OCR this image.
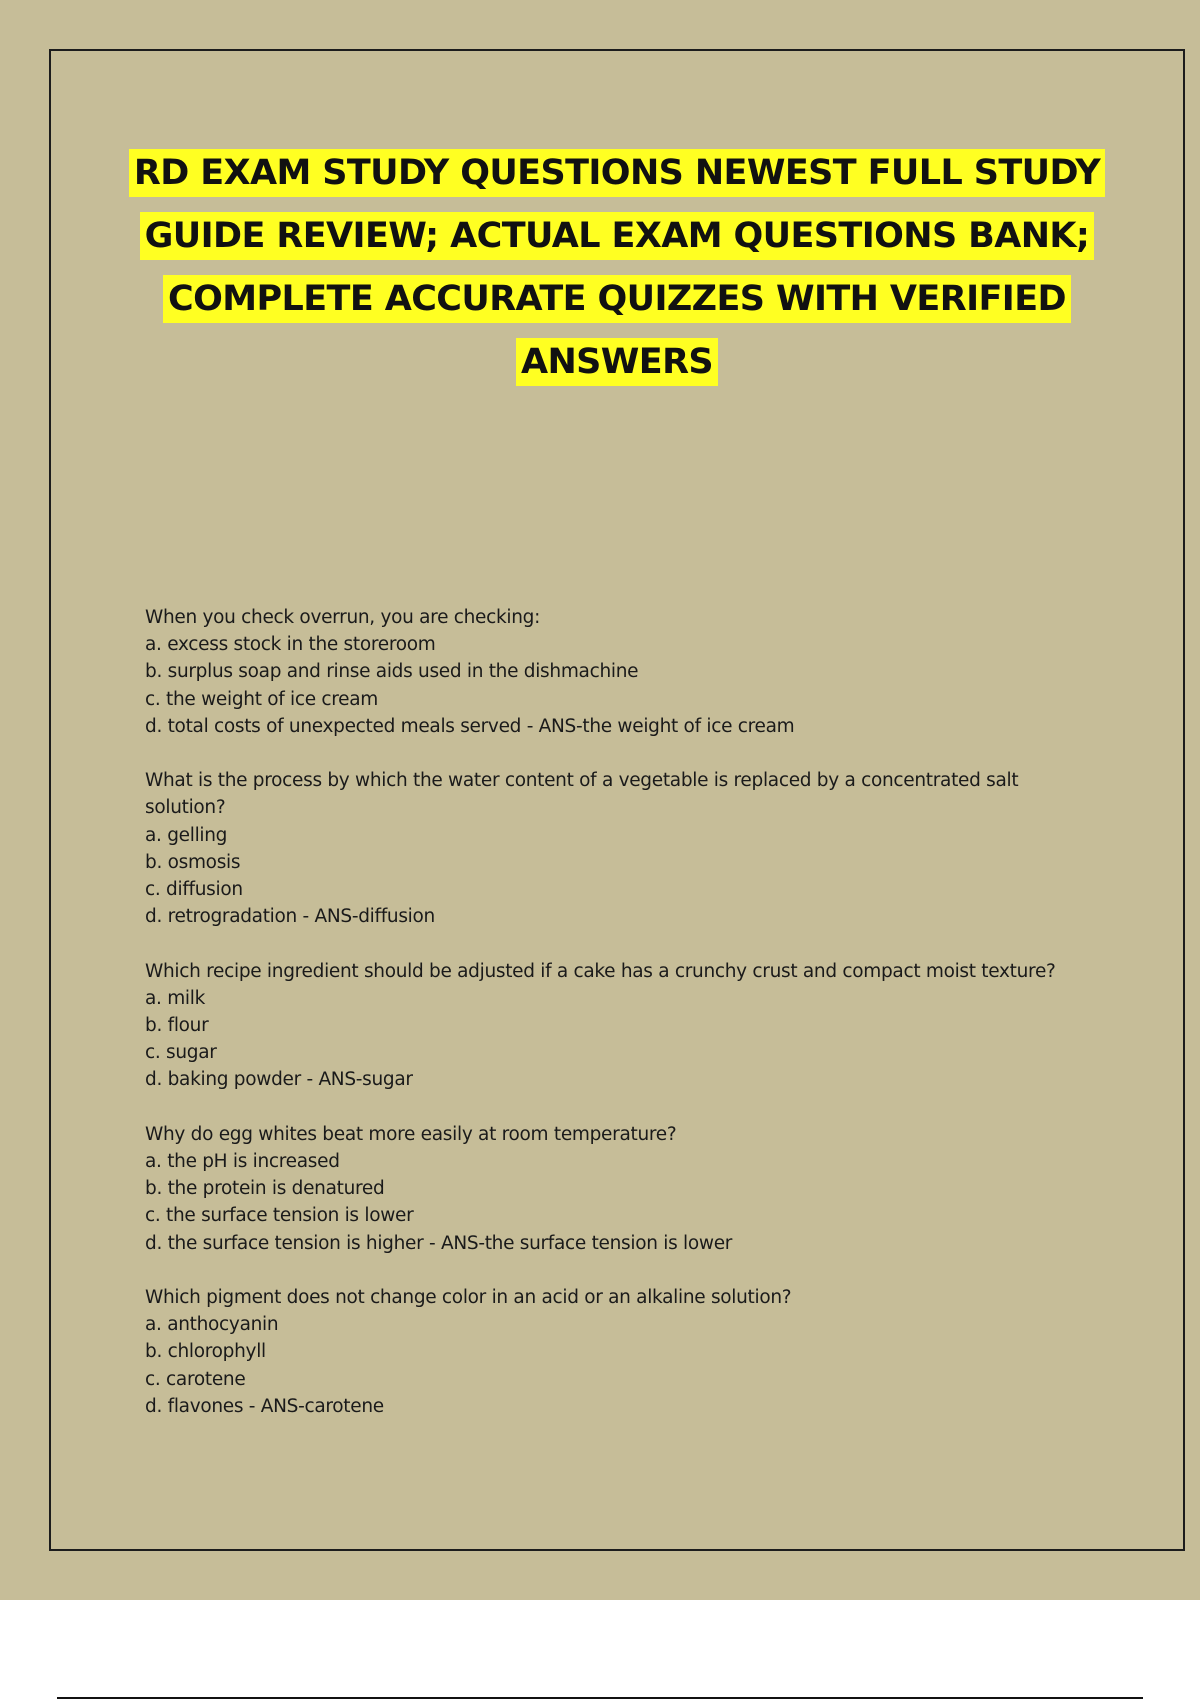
RD EXAM STUDY QUESTIONS NEWEST FULL STUDY
GUIDE REVIEW; ACTUAL EXAM QUESTIONS BANK;
COMPLETE ACCURATE QUIZZES WITH VERIFIED
ANSWERS
When you check overrun, you are checking:
a. excess stock in the storeroom
b. surplus soap and rinse aids used in the dishmachine
c. the weight of ice cream
d. total costs of unexpected meals served - ANS-the weight of ice cream
What is the process by which the water content of a vegetable is replaced by a concentrated salt solution?
a. gelling
b. osmosis
c. diffusion
d. retrogradation - ANS-diffusion
Which recipe ingredient should be adjusted if a cake has a crunchy crust and compact moist texture?
a. milk
b. flour
c. sugar
d. baking powder - ANS-sugar
Why do egg whites beat more easily at room temperature?
a. the pH is increased
b. the protein is denatured
c. the surface tension is lower
d. the surface tension is higher - ANS-the surface tension is lower
Which pigment does not change color in an acid or an alkaline solution?
a. anthocyanin
b. chlorophyll
c. carotene
d. flavones - ANS-carotene
